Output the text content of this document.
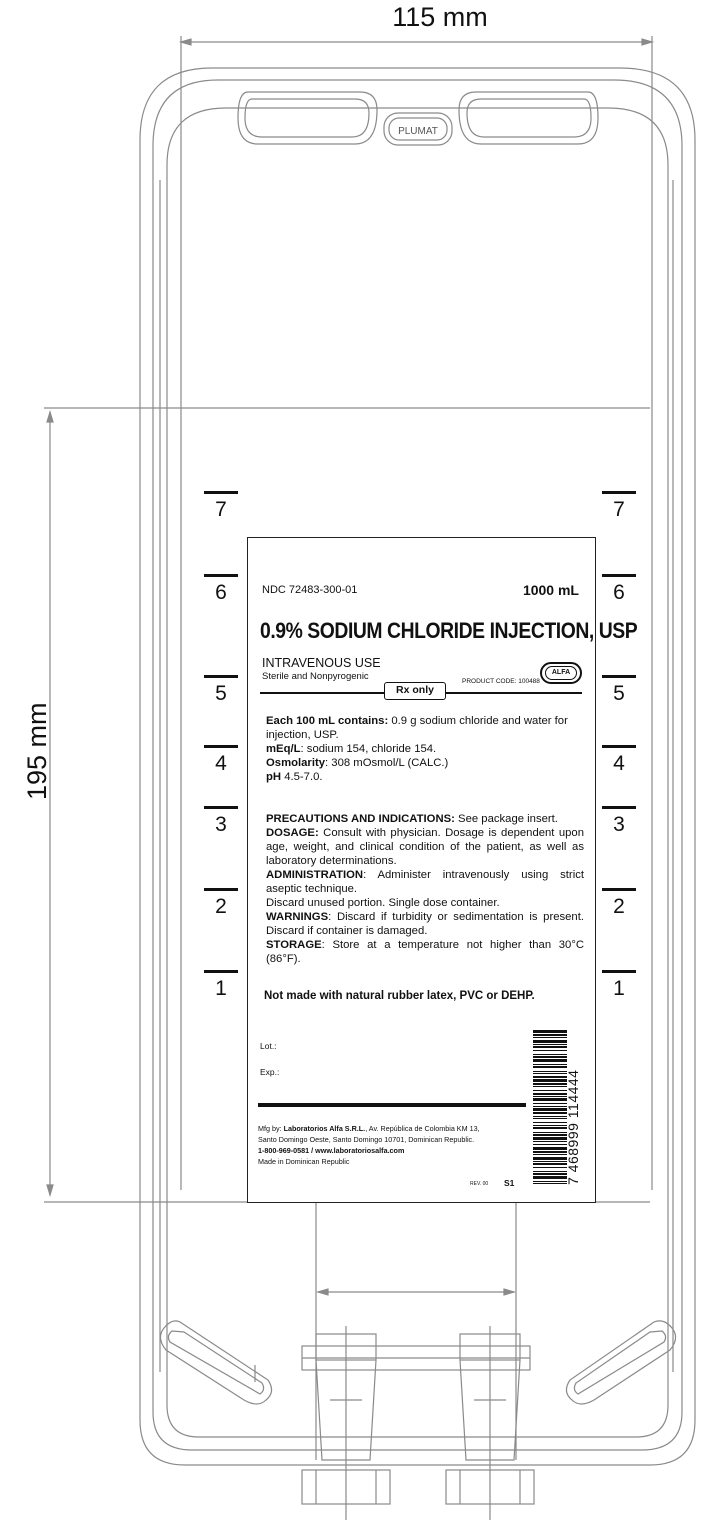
PLUMAT
115 mm
195 mm
7
6
5
4
3
2
1
7
6
5
4
3
2
1
NDC 72483-300-01	1000 mL
0.9% SODIUM CHLORIDE INJECTION, USP
INTRAVENOUS USE
Sterile and Nonpyrogenic	PRODUCT CODE: 100488
ALFA
Rx only

Each 100 mL contains: 0.9 g sodium chloride and water for injection, USP.

mEq/L: sodium 154, chloride 154.

Osmolarity: 308 mOsmol/L (CALC.)

pH 4.5-7.0.

PRECAUTIONS AND INDICATIONS: See package insert.

DOSAGE: Consult with physician. Dosage is dependent upon age, weight, and clinical condition of the patient, as well as laboratory determinations.

ADMINISTRATION: Administer intravenously using strict aseptic technique.

Discard unused portion. Single dose container.

WARNINGS: Discard if turbidity or sedimentation is present. Discard if container is damaged.

STORAGE: Store at a temperature not higher than 30°C (86°F).

Not made with natural rubber latex, PVC or DEHP.
Lot.:
Exp.:
Mfg by: Laboratorios Alfa S.R.L., Av. República de Colombia KM 13,
Santo Domingo Oeste, Santo Domingo 10701, Dominican Republic.
1-800-969-0581 / www.laboratoriosalfa.com
Made in Dominican Republic
REV. 00 S1	7 468999 114444
